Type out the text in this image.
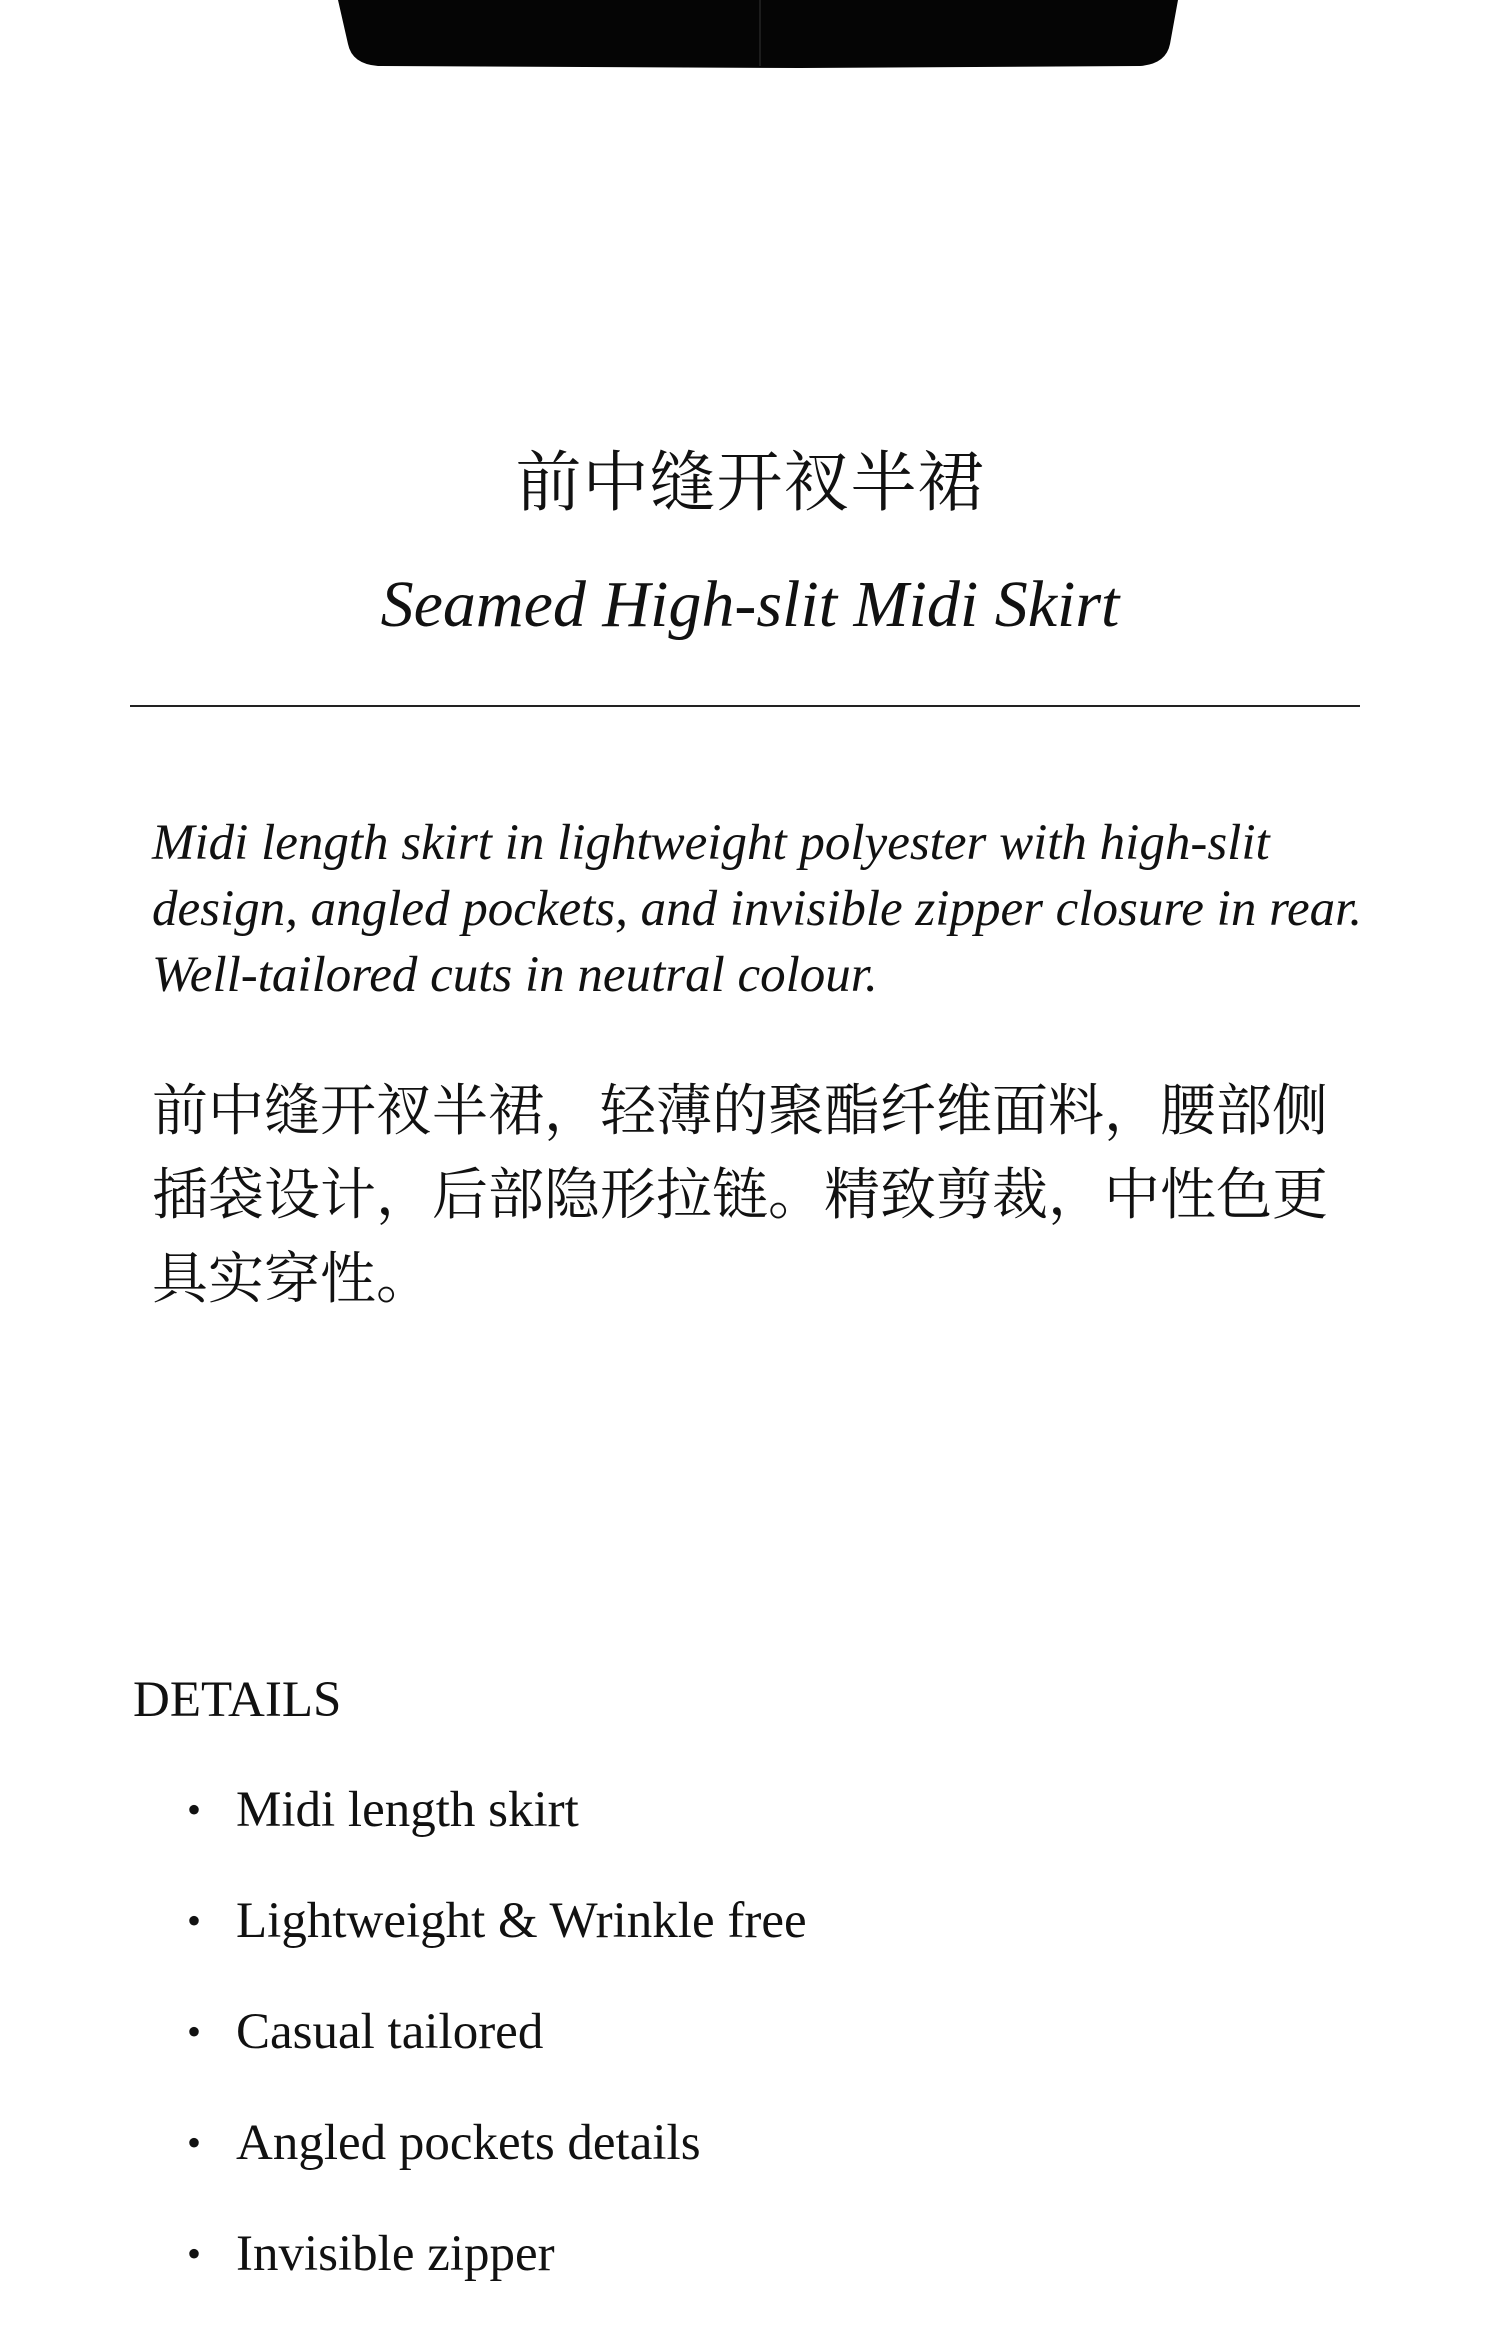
前中缝开衩半裙
Seamed High-slit Midi Skirt

Midi length skirt in lightweight polyester with high-slit design, angled pockets, and invisible zipper closure in rear. Well-tailored cuts in neutral colour.

前中缝开衩半裙，轻薄的聚酯纤维面料，腰部侧插袋设计，后部隐形拉链。精致剪裁，中性色更具实穿性。

DETAILS
• Midi length skirt
• Lightweight & Wrinkle free
• Casual tailored
• Angled pockets details
• Invisible zipper
